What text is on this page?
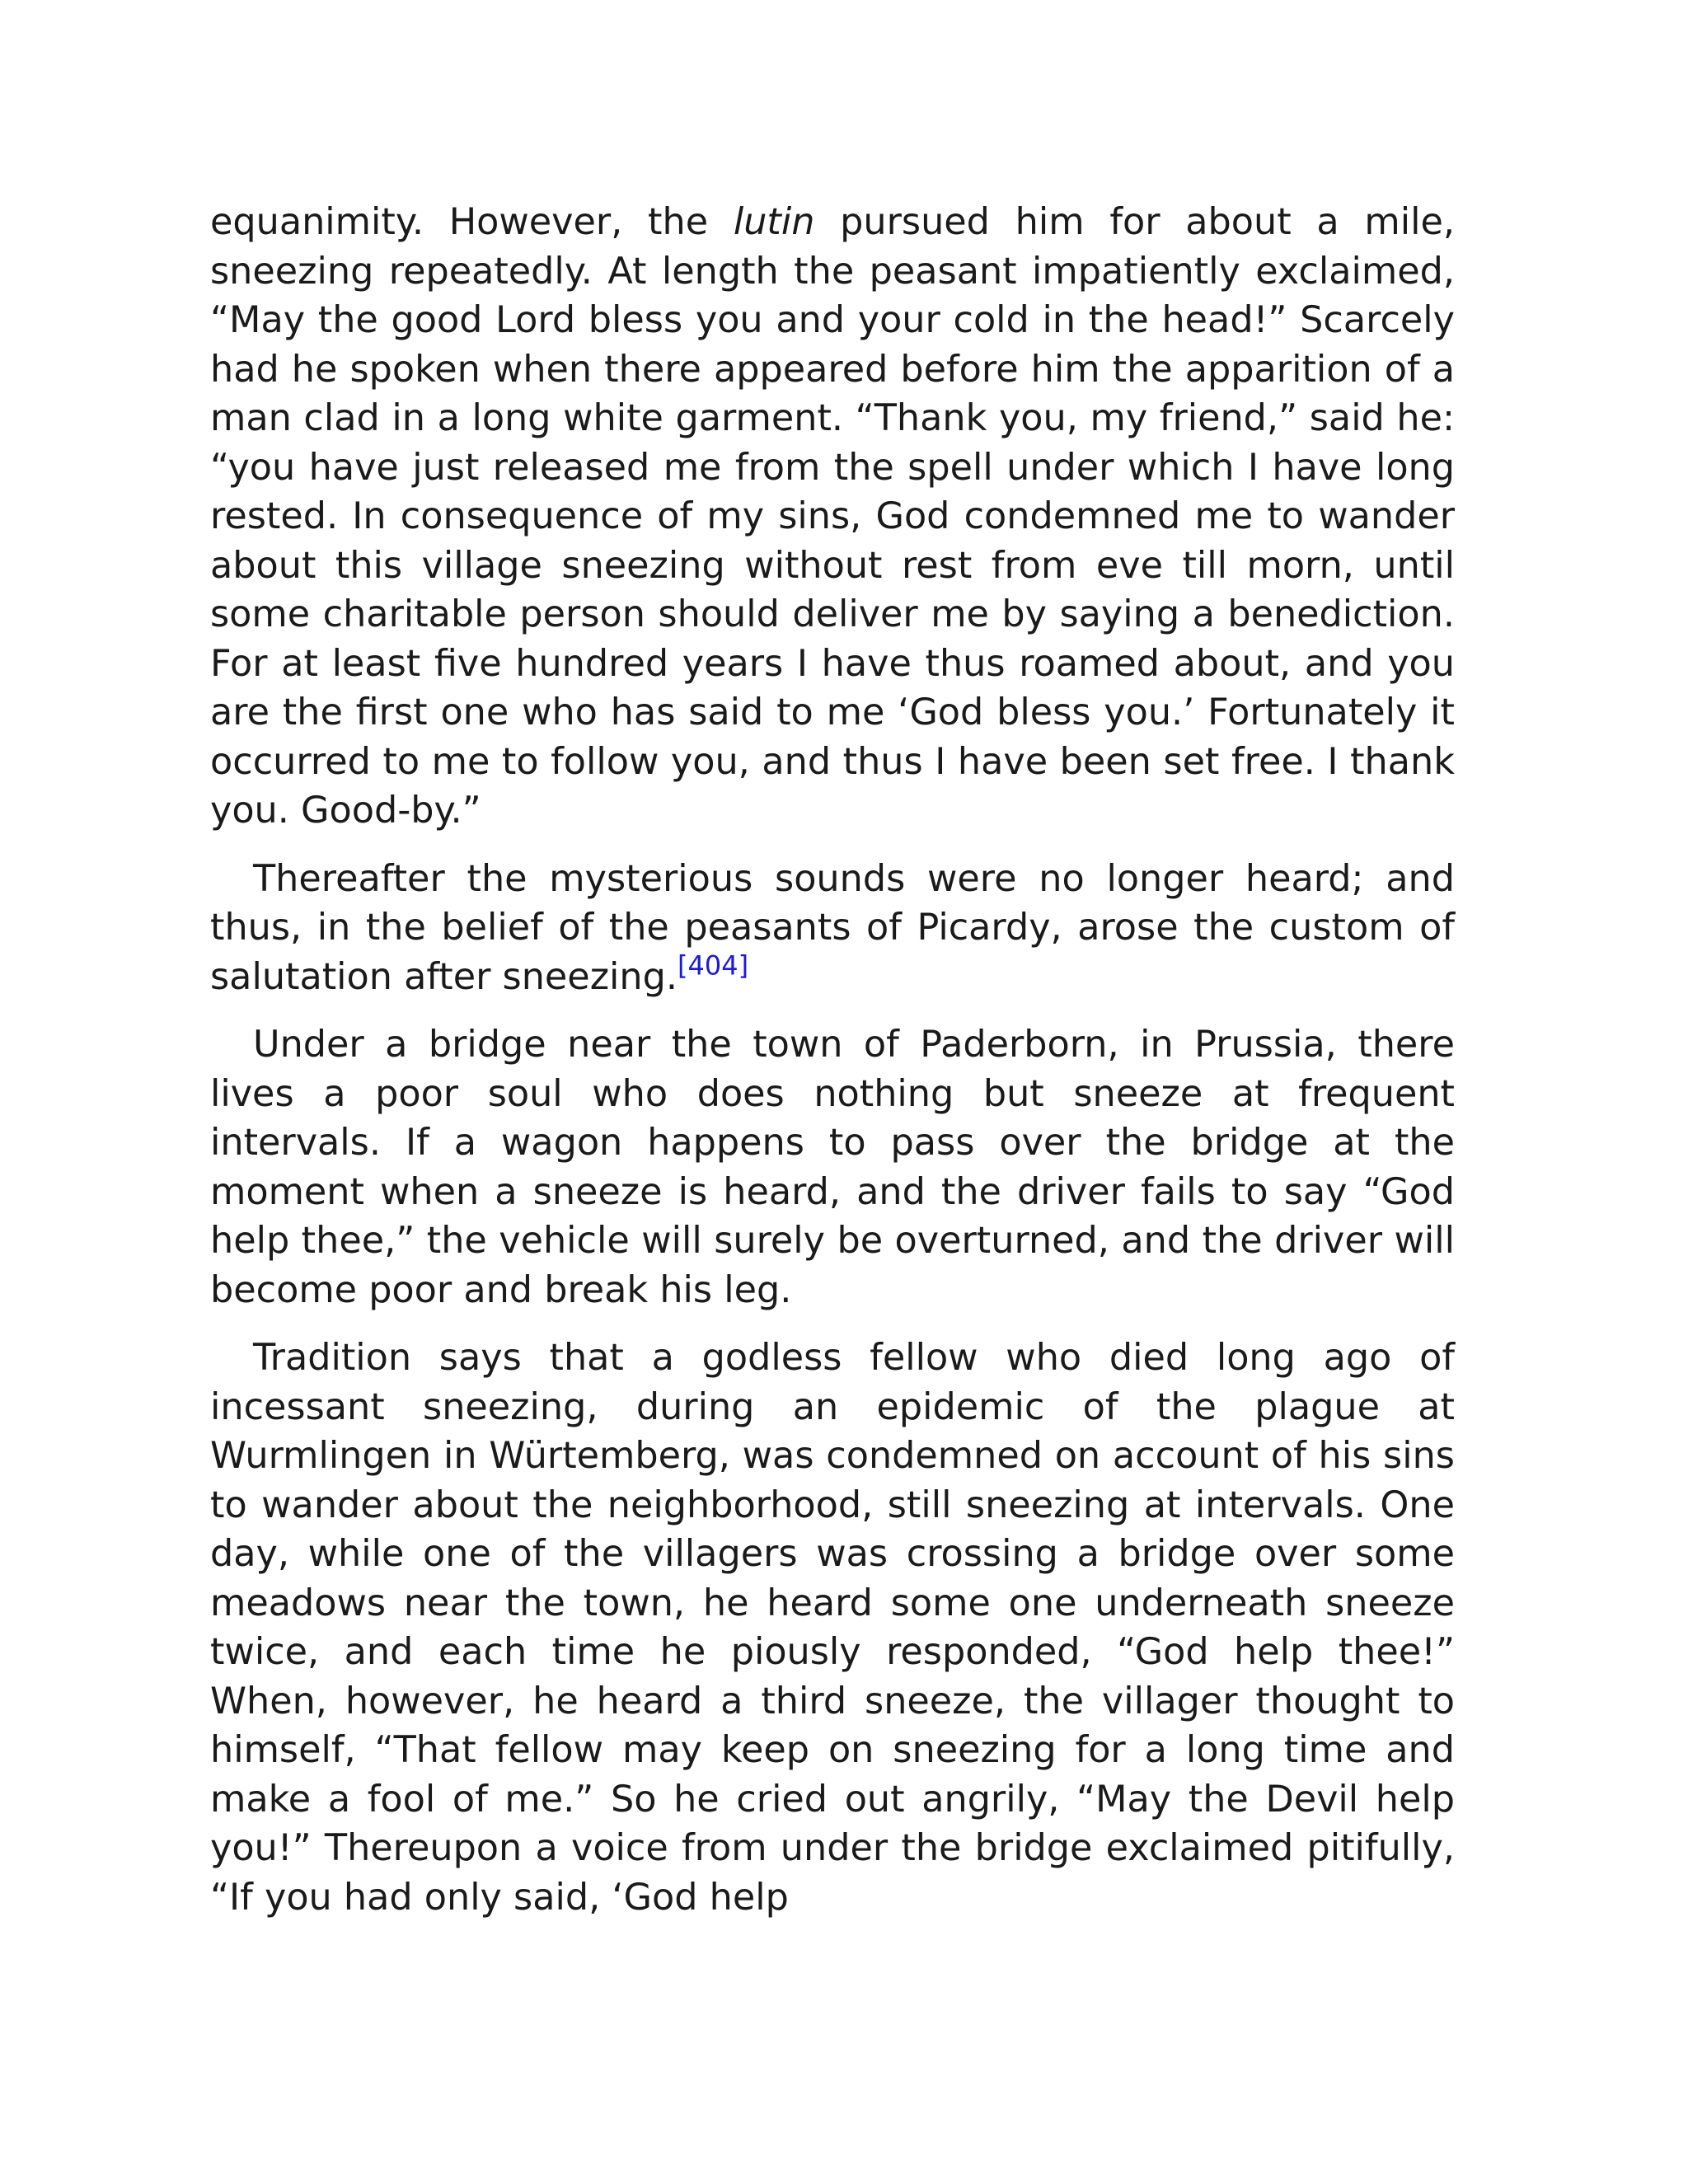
equanimity. However, the lutin pursued him for about a mile, sneezing repeatedly. At length the peasant impatiently exclaimed, “May the good Lord bless you and your cold in the head!” Scarcely had he spoken when there appeared before him the apparition of a man clad in a long white garment. “Thank you, my friend,” said he: “you have just released me from the spell under which I have long rested. In consequence of my sins, God condemned me to wander about this village sneezing without rest from eve till morn, until some charitable person should deliver me by saying a benediction. For at least five hundred years I have thus roamed about, and you are the first one who has said to me ‘God bless you.’ Fortunately it occurred to me to follow you, and thus I have been set free. I thank you. Good-by.”

Thereafter the mysterious sounds were no longer heard; and thus, in the belief of the peasants of Picardy, arose the custom of salutation after sneezing.[404]

Under a bridge near the town of Paderborn, in Prussia, there lives a poor soul who does nothing but sneeze at frequent intervals. If a wagon happens to pass over the bridge at the moment when a sneeze is heard, and the driver fails to say “God help thee,” the vehicle will surely be overturned, and the driver will become poor and break his leg.

Tradition says that a godless fellow who died long ago of incessant sneezing, during an epidemic of the plague at Wurmlingen in Würtemberg, was condemned on account of his sins to wander about the neighborhood, still sneezing at intervals. One day, while one of the villagers was crossing a bridge over some meadows near the town, he heard some one underneath sneeze twice, and each time he piously responded, “God help thee!” When, however, he heard a third sneeze, the villager thought to himself, “That fellow may keep on sneezing for a long time and make a fool of me.” So he cried out angrily, “May the Devil help you!” Thereupon a voice from under the bridge exclaimed pitifully, “If you had only said, ‘God help
